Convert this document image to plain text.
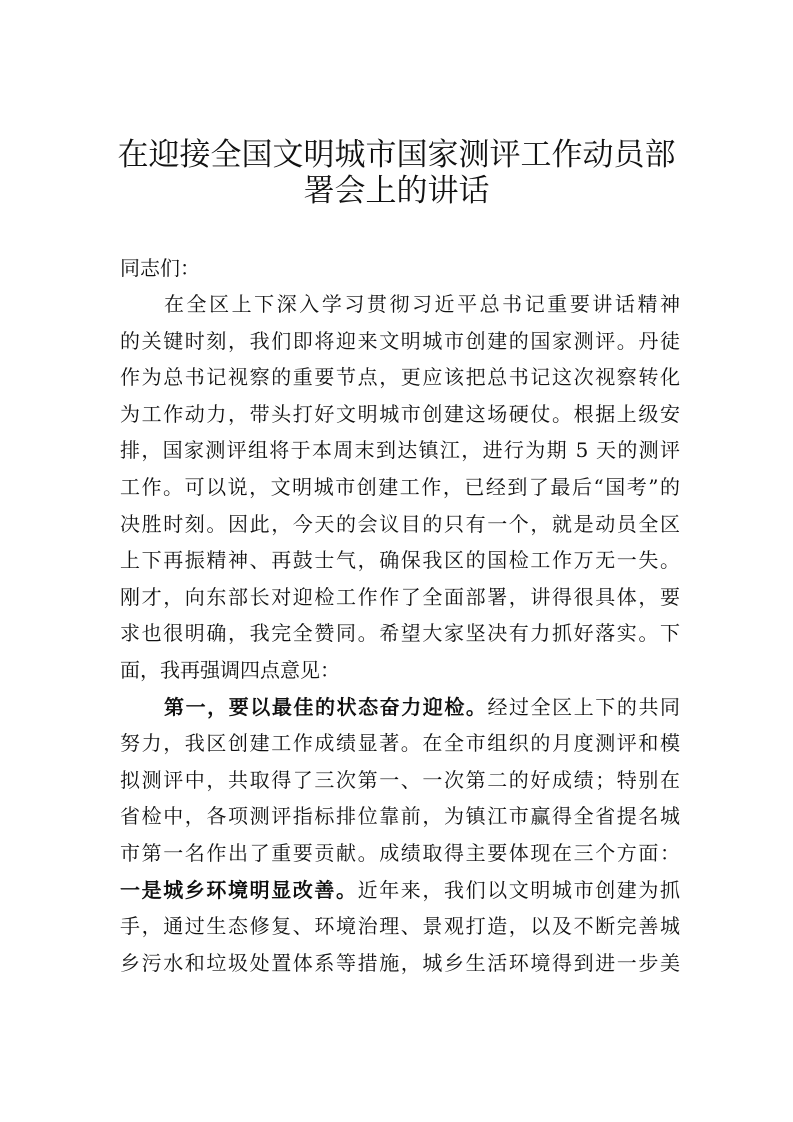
在迎接全国文明城市国家测评工作动员部
署会上的讲话
同志们：
在全区上下深入学习贯彻习近平总书记重要讲话精神
的关键时刻，我们即将迎来文明城市创建的国家测评。丹徒
作为总书记视察的重要节点，更应该把总书记这次视察转化
为工作动力，带头打好文明城市创建这场硬仗。根据上级安
排，国家测评组将于本周末到达镇江，进行为期 5 天的测评
工作。可以说，文明城市创建工作，已经到了最后“国考”的
决胜时刻。因此，今天的会议目的只有一个，就是动员全区
上下再振精神、再鼓士气，确保我区的国检工作万无一失。
刚才，向东部长对迎检工作作了全面部署，讲得很具体，要
求也很明确，我完全赞同。希望大家坚决有力抓好落实。下
面，我再强调四点意见：
第一，要以最佳的状态奋力迎检。经过全区上下的共同
努力，我区创建工作成绩显著。在全市组织的月度测评和模
拟测评中，共取得了三次第一、一次第二的好成绩；特别在
省检中，各项测评指标排位靠前，为镇江市赢得全省提名城
市第一名作出了重要贡献。成绩取得主要体现在三个方面：
一是城乡环境明显改善。近年来，我们以文明城市创建为抓
手，通过生态修复、环境治理、景观打造，以及不断完善城
乡污水和垃圾处置体系等措施，城乡生活环境得到进一步美
